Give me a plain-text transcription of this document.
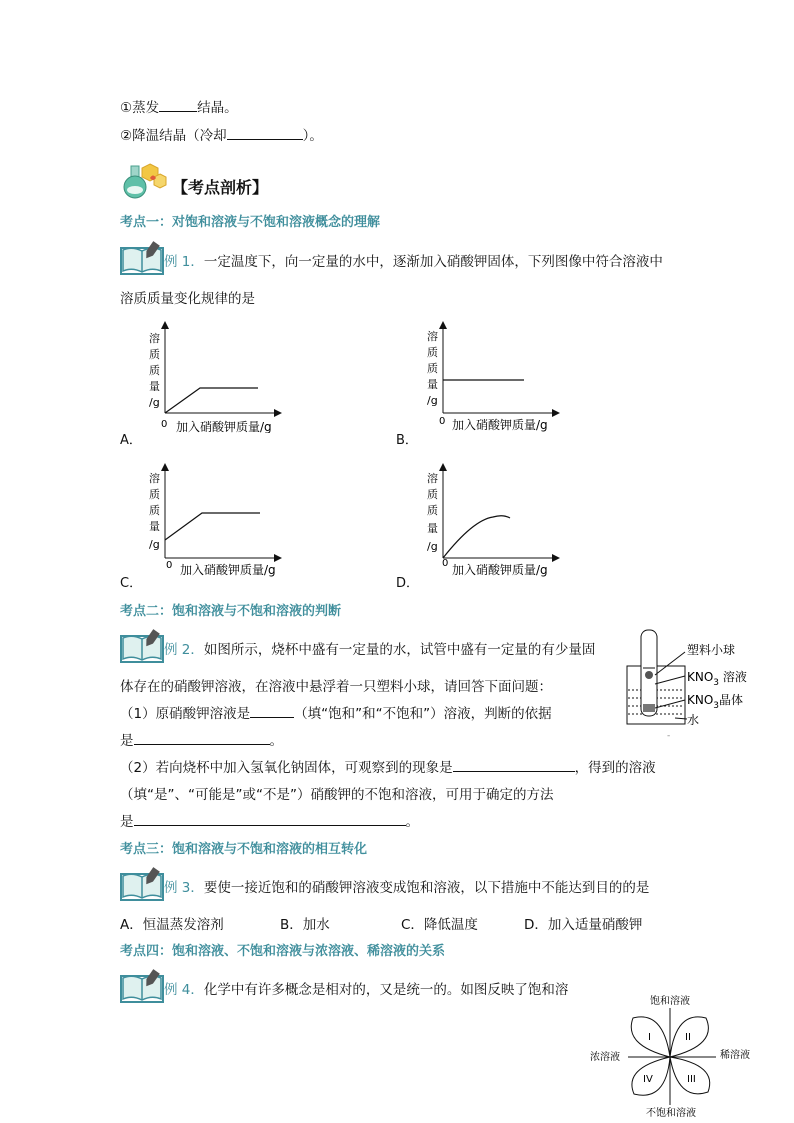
①蒸发	结晶。
②降温结晶（冷却	）。
【考点剖析】
考点一：对饱和溶液与不饱和溶液概念的理解
例 1．一定温度下，向一定量的水中，逐渐加入硝酸钾固体，下列图像中符合溶液中
溶质质量变化规律的是
溶
质
质
量
/g
0 加入硝酸钾质量/g
A．
溶
质
质
量
/g
0 加入硝酸钾质量/g
B．
溶
质
质
量
/g
0 加入硝酸钾质量/g
C．
溶
质
质
量
/g
0 加入硝酸钾质量/g
D．
考点二：饱和溶液与不饱和溶液的判断
例 2．如图所示，烧杯中盛有一定量的水，试管中盛有一定量的有少量固
体存在的硝酸钾溶液，在溶液中悬浮着一只塑料小球，请回答下面问题：
（1）原硝酸钾溶液是	（填“饱和”和“不饱和”）溶液，判断的依据
是	。
（2）若向烧杯中加入氢氧化钠固体，可观察到的现象是	，得到的溶液
（填“是”、“可能是”或“不是”）硝酸钾的不饱和溶液，可用于确定的方法
是	。
塑料小球
$KNO_3$ 溶液
$KNO_3$晶体
水
-
考点三：饱和溶液与不饱和溶液的相互转化
例 3．要使一接近饱和的硝酸钾溶液变成饱和溶液，以下措施中不能达到目的的是
A．恒温蒸发溶剂	B．加水	C．降低温度	D．加入适量硝酸钾
考点四：饱和溶液、不饱和溶液与浓溶液、稀溶液的关系
例 4．化学中有许多概念是相对的，又是统一的。如图反映了饱和溶
饱和溶液
浓溶液	稀溶液
不饱和溶液
I	II
III
IV
